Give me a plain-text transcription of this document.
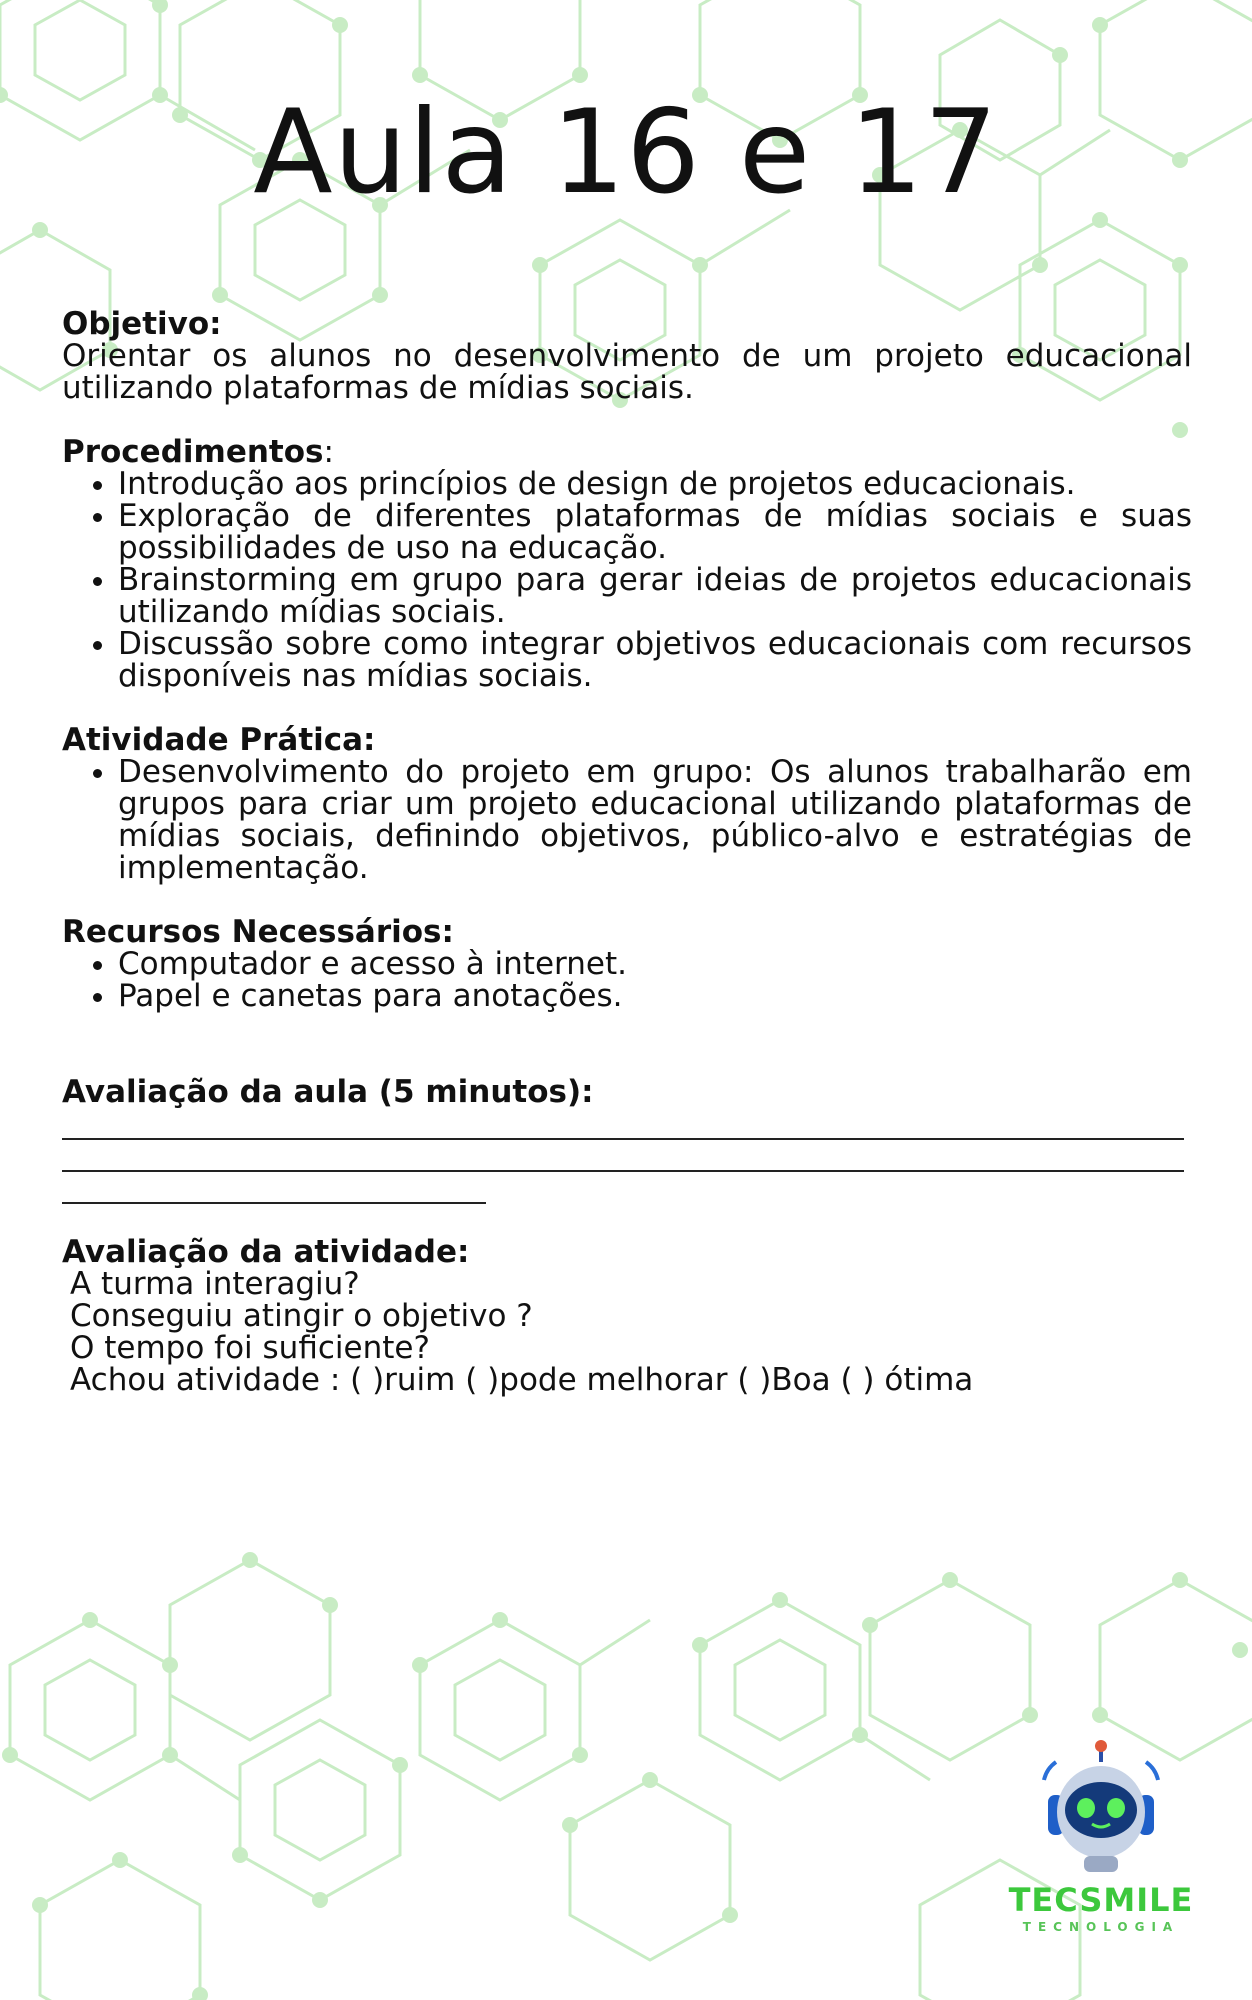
Aula 16 e 17
Objetivo:

Orientar os alunos no desenvolvimento de um projeto educacional utilizando plataformas de mídias sociais.

Procedimentos:
• Introdução aos princípios de design de projetos educacionais.
• Exploração de diferentes plataformas de mídias sociais e suas possibilidades de uso na educação.
• Brainstorming em grupo para gerar ideias de projetos educacionais utilizando mídias sociais.
• Discussão sobre como integrar objetivos educacionais com recursos disponíveis nas mídias sociais.
Atividade Prática:
• Desenvolvimento do projeto em grupo: Os alunos trabalharão em grupos para criar um projeto educacional utilizando plataformas de mídias sociais, definindo objetivos, público-alvo e estratégias de implementação.
Recursos Necessários:
• Computador e acesso à internet.
• Papel e canetas para anotações.
Avaliação da aula (5 minutos):
Avaliação da atividade:
A turma interagiu?
Conseguiu atingir o objetivo ?
O tempo foi suficiente?
Achou atividade : ( )ruim ( )pode melhorar ( )Boa ( ) ótima
TECSMILE
TECNOLOGIA
